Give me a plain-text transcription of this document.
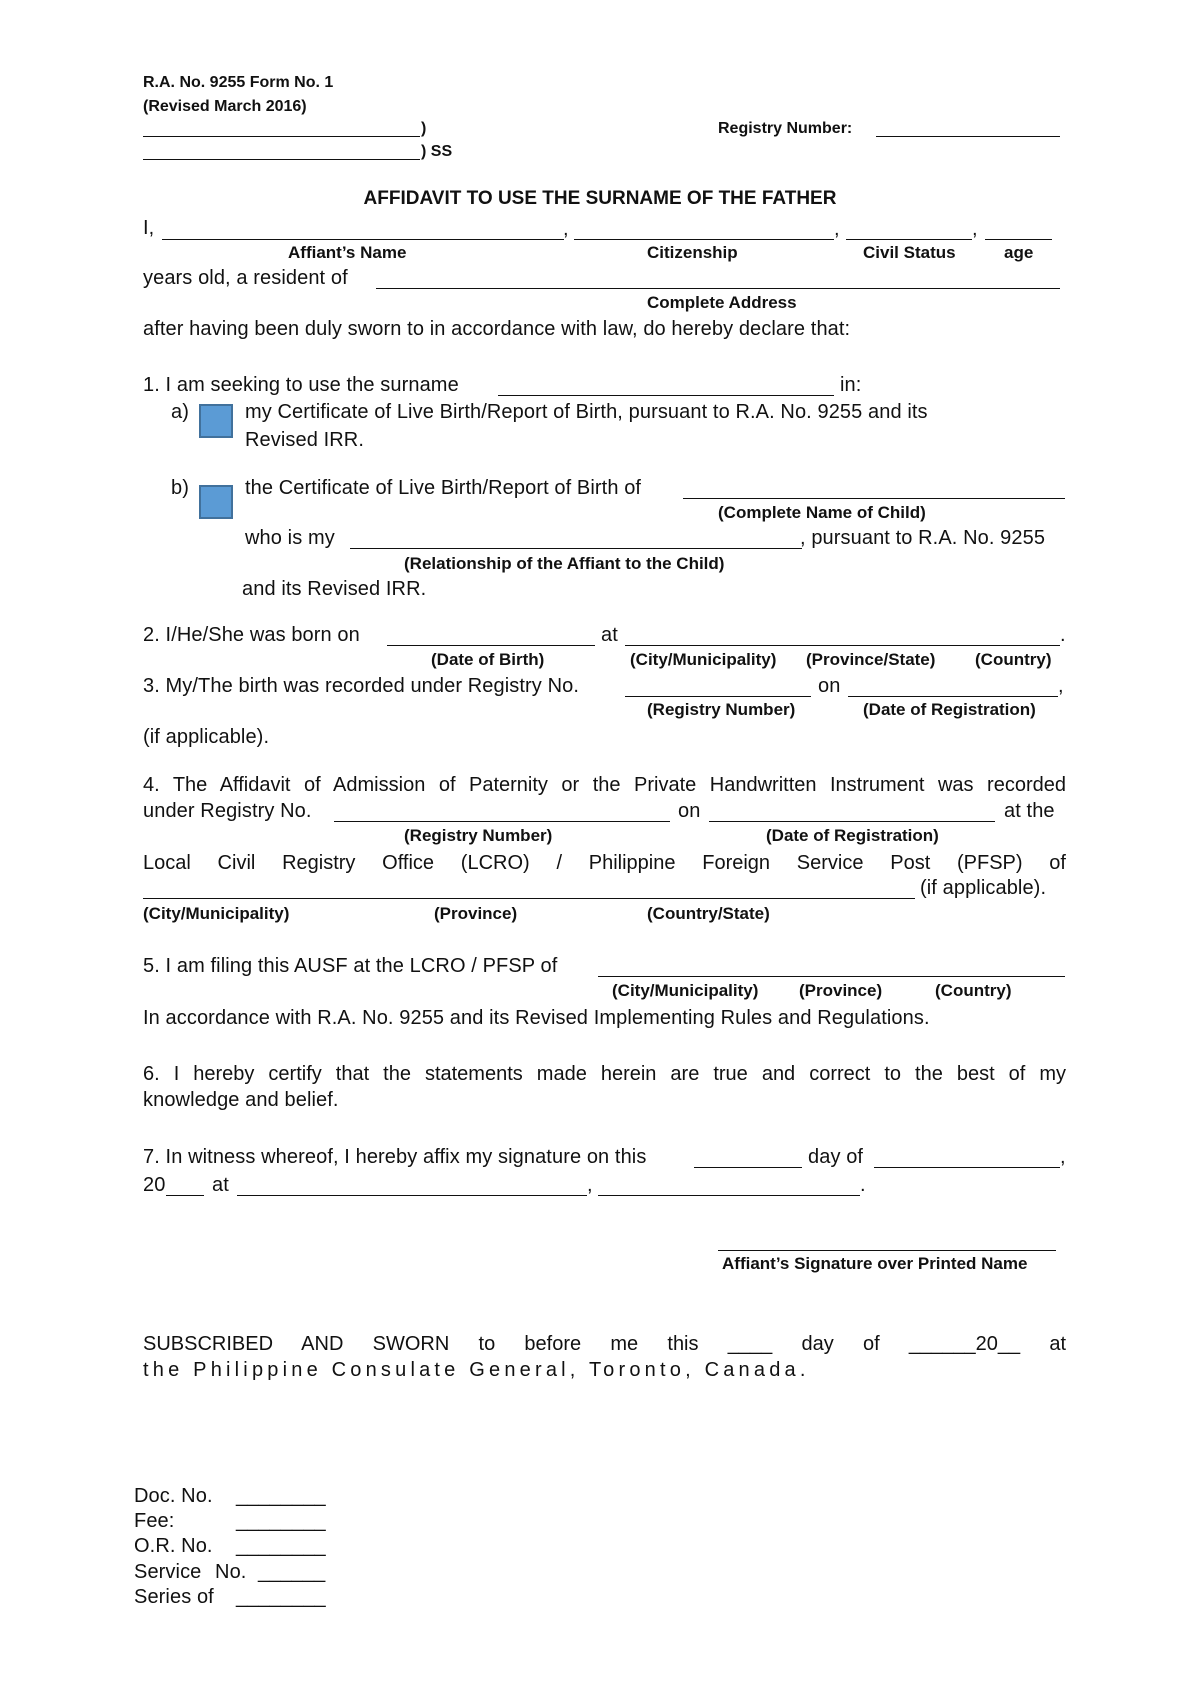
R.A. No. 9255 Form No. 1
(Revised March 2016)
)
) SS
Registry Number:
AFFIDAVIT TO USE THE SURNAME OF THE FATHER
I,	,	,	,
Affiant’s Name	Citizenship	Civil Status	age
years old, a resident of
Complete Address
after having been duly sworn to in accordance with law, do hereby declare that:
1. I am seeking to use the surname	in:
a)	my Certificate of Live Birth/Report of Birth, pursuant to R.A. No. 9255 and its
Revised IRR.
b)	the Certificate of Live Birth/Report of Birth of
(Complete Name of Child)
who is my	, pursuant to R.A. No. 9255
(Relationship of the Affiant to the Child)
and its Revised IRR.
2. I/He/She was born on	at	.
(Date of Birth)	(City/Municipality) (Province/State) (Country)
3. My/The birth was recorded under Registry No.	on	,
(Registry Number)	(Date of Registration)
(if applicable).
4. The Affidavit of Admission of Paternity or the Private Handwritten Instrument was recorded
under Registry No.	on	at the
(Registry Number)	(Date of Registration)
Local Civil Registry Office (LCRO) / Philippine Foreign Service Post (PFSP) of
(if applicable).
(City/Municipality)	(Province)	(Country/State)
5. I am filing this AUSF at the LCRO / PFSP of
(City/Municipality) (Province)	(Country)
In accordance with R.A. No. 9255 and its Revised Implementing Rules and Regulations.
6. I hereby certify that the statements made herein are true and correct to the best of my
knowledge and belief.
7. In witness whereof, I hereby affix my signature on this	day of	,
20 at	,	.
Affiant’s Signature over Printed Name
SUBSCRIBED AND SWORN to before me this ____ day of ______20__ at
the Philippine Consulate General, Toronto, Canada.
Doc. No. ________
Fee:	________
O.R. No. ________
Service No. ______
Series of ________
